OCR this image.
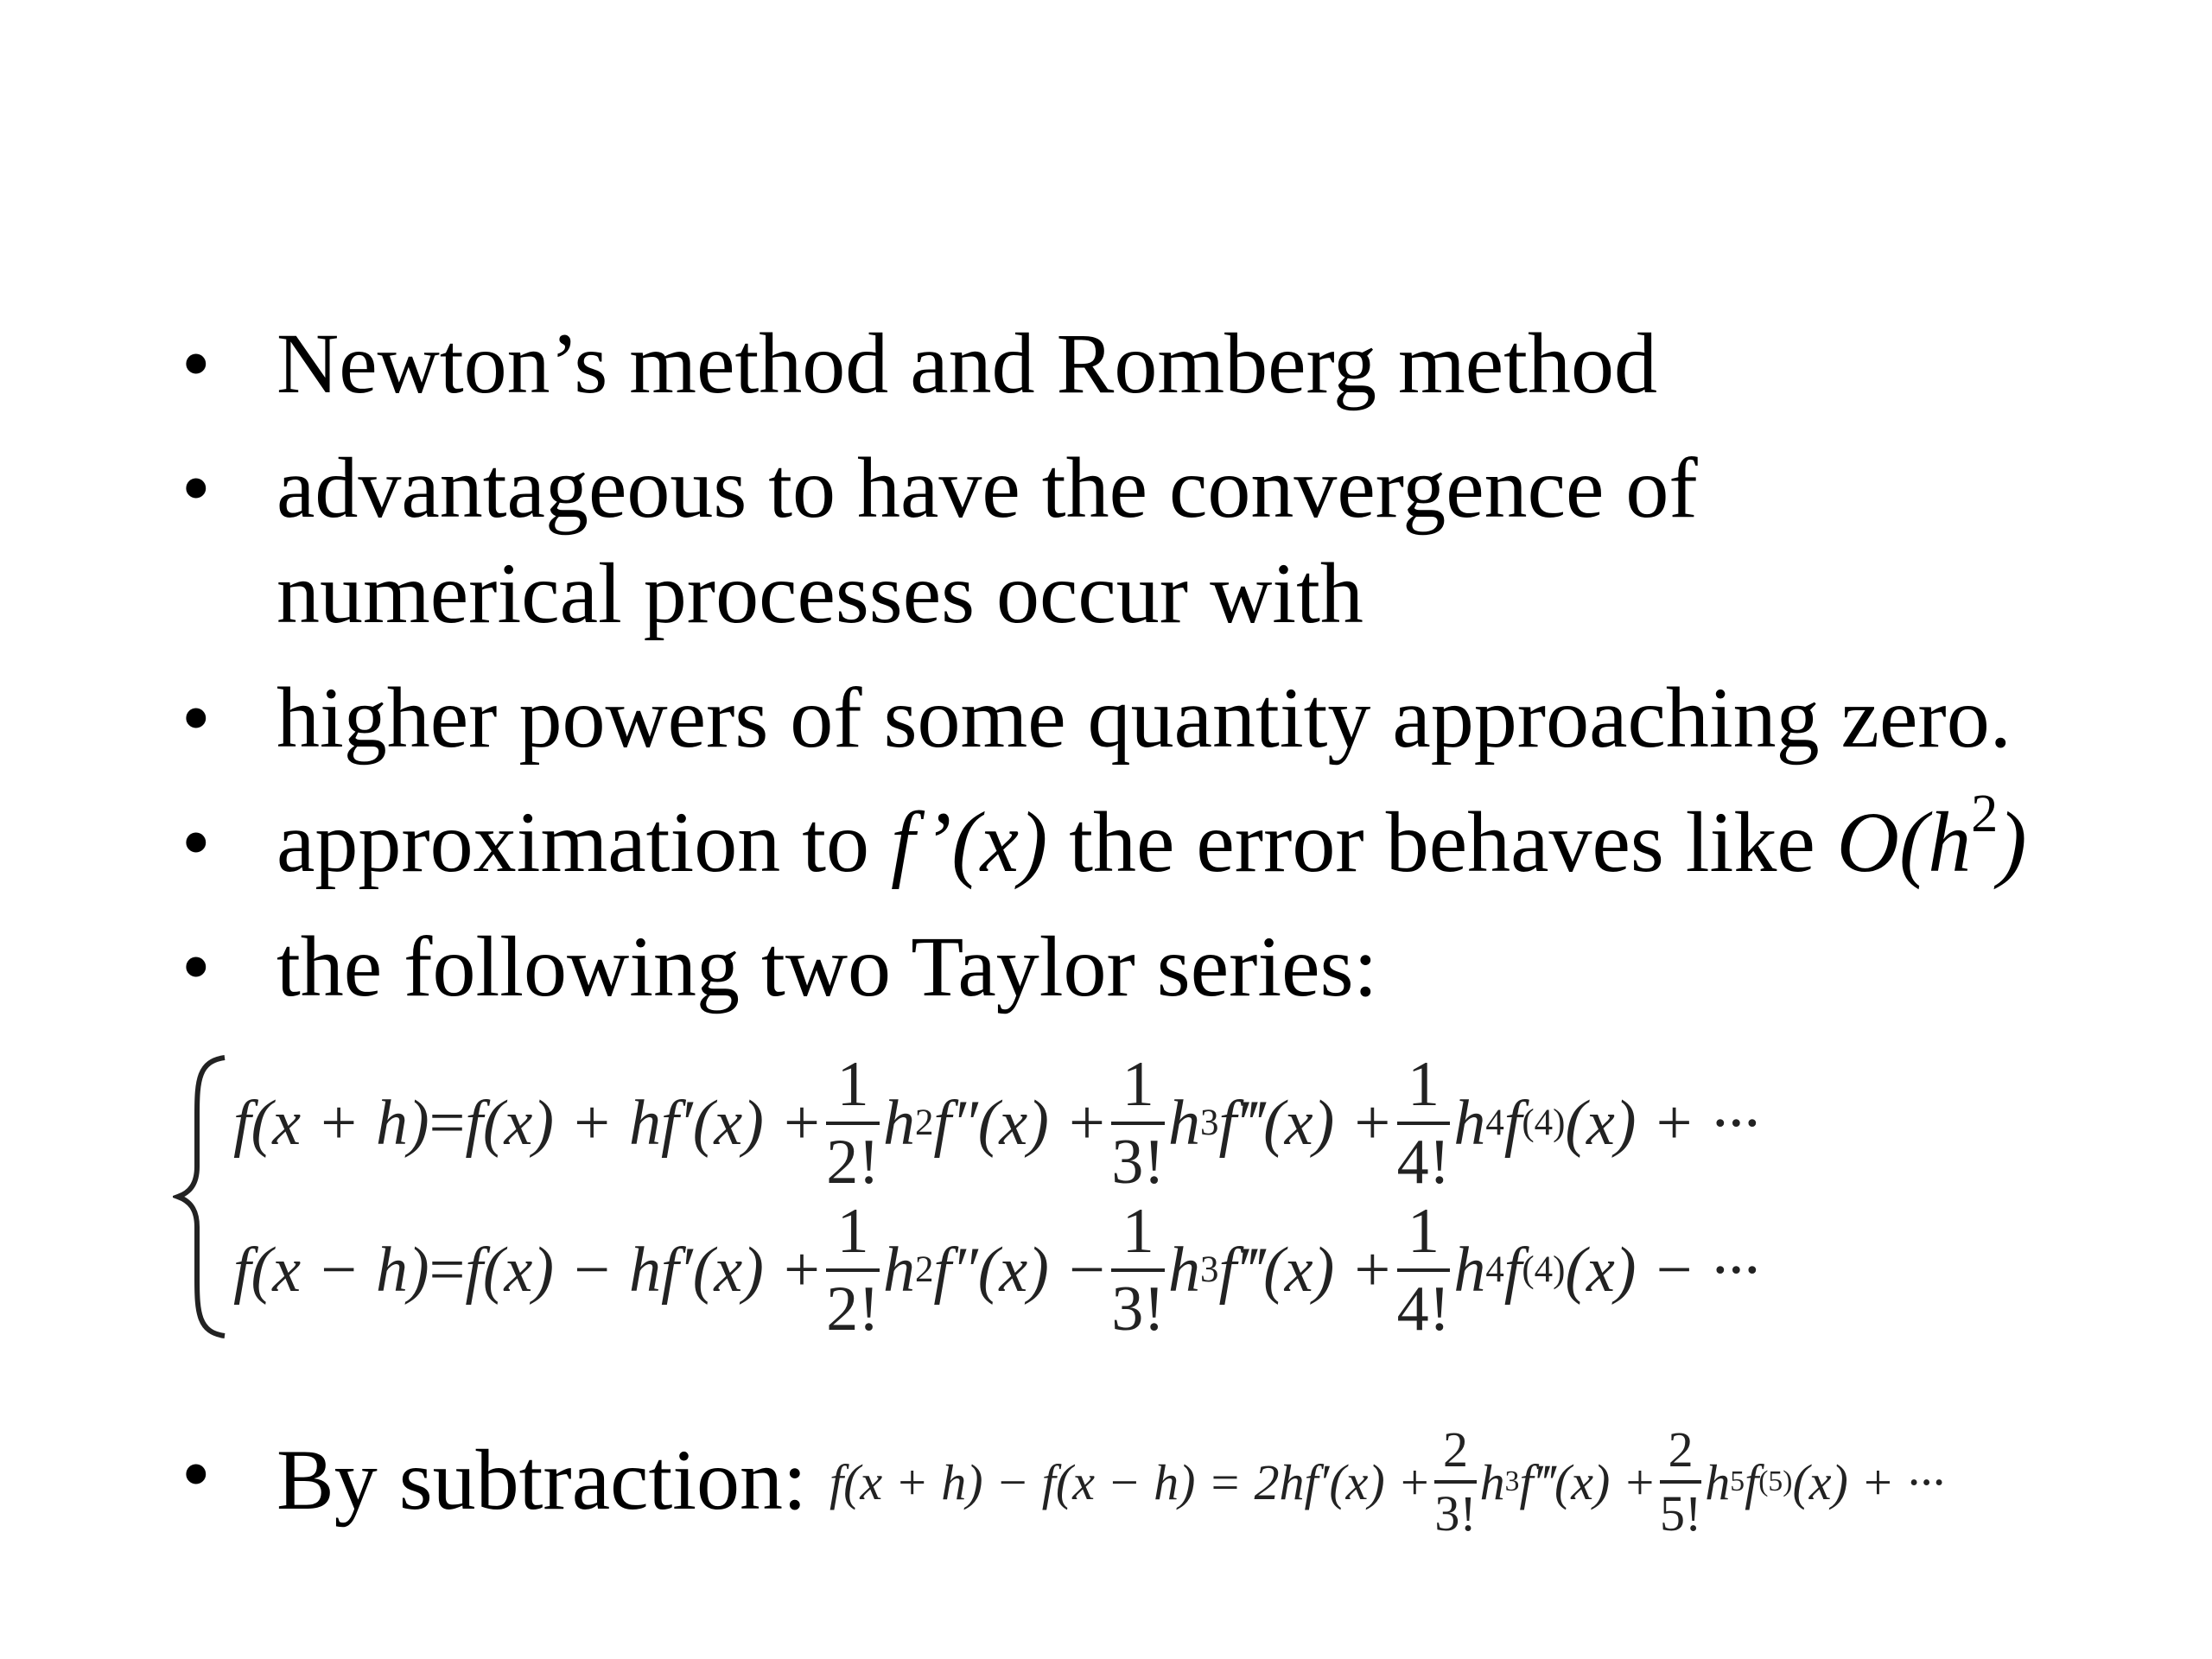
• Newton’s method and Romberg method
• advantageous to have the convergence of
numerical processes occur with
• higher powers of some quantity approaching zero.
• approximation to f’(x) the error behaves like $O(h^2)$
• the following two Taylor series:
$f(x + h) = f(x) + hf'(x) + \frac{1}{2!}$ h 2 $f''(x) + \frac{1}{3!}$ h 3 f‴(x) + $\frac{1}{4!}$ h 4 f (4) (x) + ···
$f(x - h) = f(x) - hf'(x) + \frac{1}{2!}$ h 2 $f''(x) - \frac{1}{3!}$ h 3 f‴(x) + $\frac{1}{4!}$ h 4 f (4) (x) − ···
• By subtraction: $f(x + h) - f(x - h) = 2hf'(x) + \frac{2}{3!}$ h 3 f‴(x) + $\frac{2}{5!}$ h 5 f (5) (x) + ···
